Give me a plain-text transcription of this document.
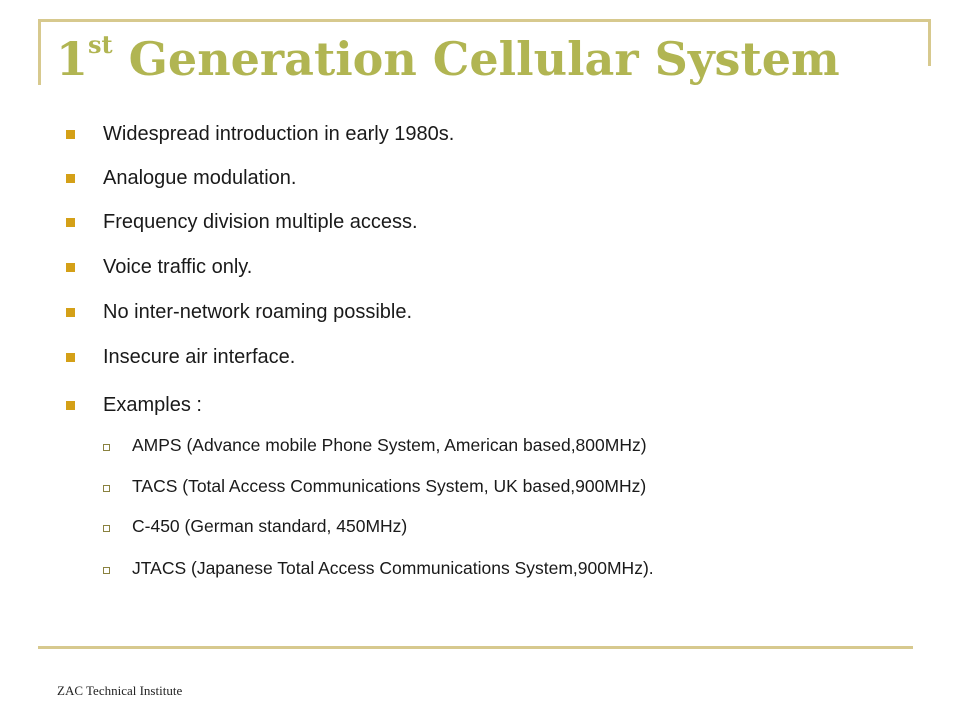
1st Generation Cellular System
Widespread introduction in early 1980s.
Analogue modulation.
Frequency division multiple access.
Voice traffic only.
No inter-network roaming possible.
Insecure air interface.
Examples :
AMPS (Advance mobile Phone System, American based,800MHz)
TACS (Total Access Communications System, UK based,900MHz)
C-450 (German standard, 450MHz)
JTACS (Japanese Total Access Communications System,900MHz).
ZAC Technical Institute
